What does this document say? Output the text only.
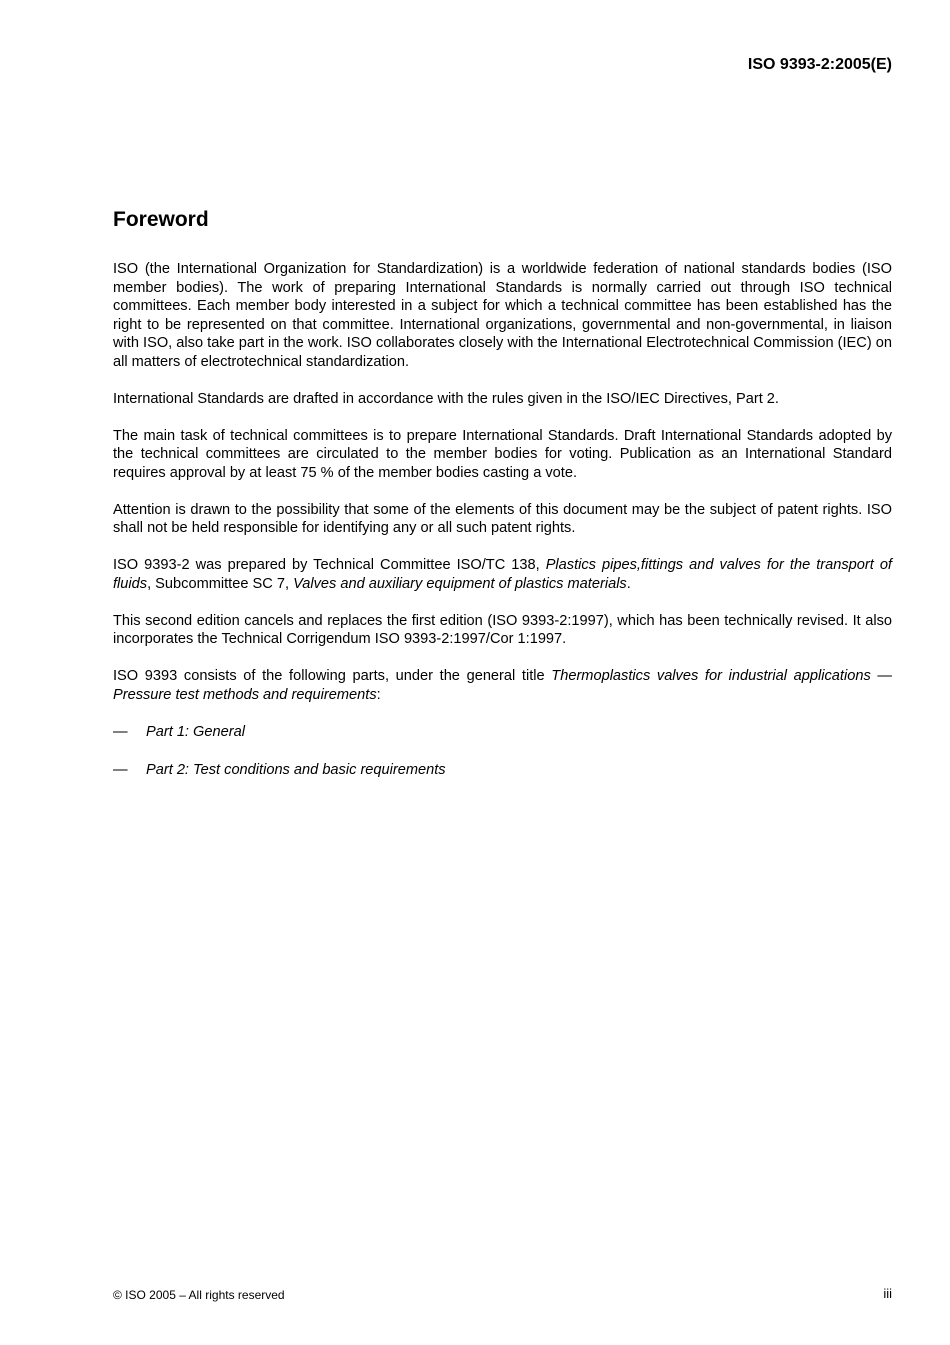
ISO 9393-2:2005(E)
Foreword

ISO (the International Organization for Standardization) is a worldwide federation of national standards bodies (ISO member bodies). The work of preparing International Standards is normally carried out through ISO technical committees. Each member body interested in a subject for which a technical committee has been established has the right to be represented on that committee. International organizations, governmental and non-governmental, in liaison with ISO, also take part in the work. ISO collaborates closely with the International Electrotechnical Commission (IEC) on all matters of electrotechnical standardization.

International Standards are drafted in accordance with the rules given in the ISO/IEC Directives, Part 2.

The main task of technical committees is to prepare International Standards. Draft International Standards adopted by the technical committees are circulated to the member bodies for voting. Publication as an International Standard requires approval by at least 75 % of the member bodies casting a vote.

Attention is drawn to the possibility that some of the elements of this document may be the subject of patent rights. ISO shall not be held responsible for identifying any or all such patent rights.

ISO 9393-2 was prepared by Technical Committee ISO/TC 138, Plastics pipes,fittings and valves for the transport of fluids, Subcommittee SC 7, Valves and auxiliary equipment of plastics materials.

This second edition cancels and replaces the first edition (ISO 9393-2:1997), which has been technically revised. It also incorporates the Technical Corrigendum ISO 9393-2:1997/Cor 1:1997.

ISO 9393 consists of the following parts, under the general title Thermoplastics valves for industrial applications — Pressure test methods and requirements:

— Part 1: General
— Part 2: Test conditions and basic requirements
© ISO 2005 – All rights reserved	iii
